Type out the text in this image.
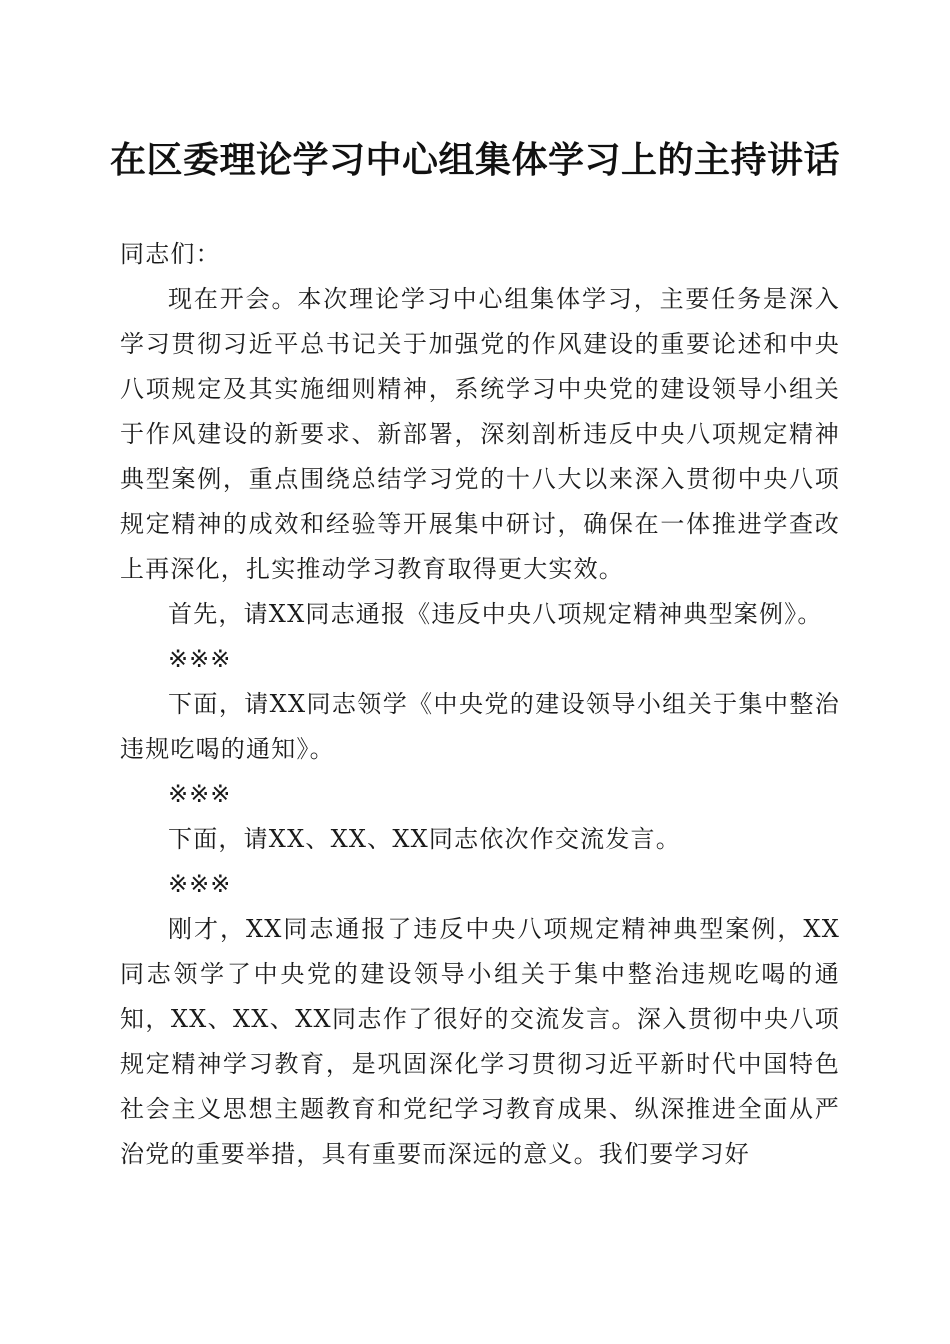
在区委理论学习中心组集体学习上的主持讲话

同志们：

现在开会。本次理论学习中心组集体学习，主要任务是深入学习贯彻习近平总书记关于加强党的作风建设的重要论述和中央八项规定及其实施细则精神，系统学习中央党的建设领导小组关于作风建设的新要求、新部署，深刻剖析违反中央八项规定精神典型案例，重点围绕总结学习党的十八大以来深入贯彻中央八项规定精神的成效和经验等开展集中研讨，确保在一体推进学查改上再深化，扎实推动学习教育取得更大实效。

首先，请XX同志通报《违反中央八项规定精神典型案例》。

※※※

下面，请XX同志领学《中央党的建设领导小组关于集中整治违规吃喝的通知》。

※※※

下面，请XX、XX、XX同志依次作交流发言。

※※※

刚才，XX同志通报了违反中央八项规定精神典型案例，XX同志领学了中央党的建设领导小组关于集中整治违规吃喝的通知，XX、XX、XX同志作了很好的交流发言。深入贯彻中央八项规定精神学习教育，是巩固深化学习贯彻习近平新时代中国特色社会主义思想主题教育和党纪学习教育成果、纵深推进全面从严治党的重要举措，具有重要而深远的意义。我们要学习好
